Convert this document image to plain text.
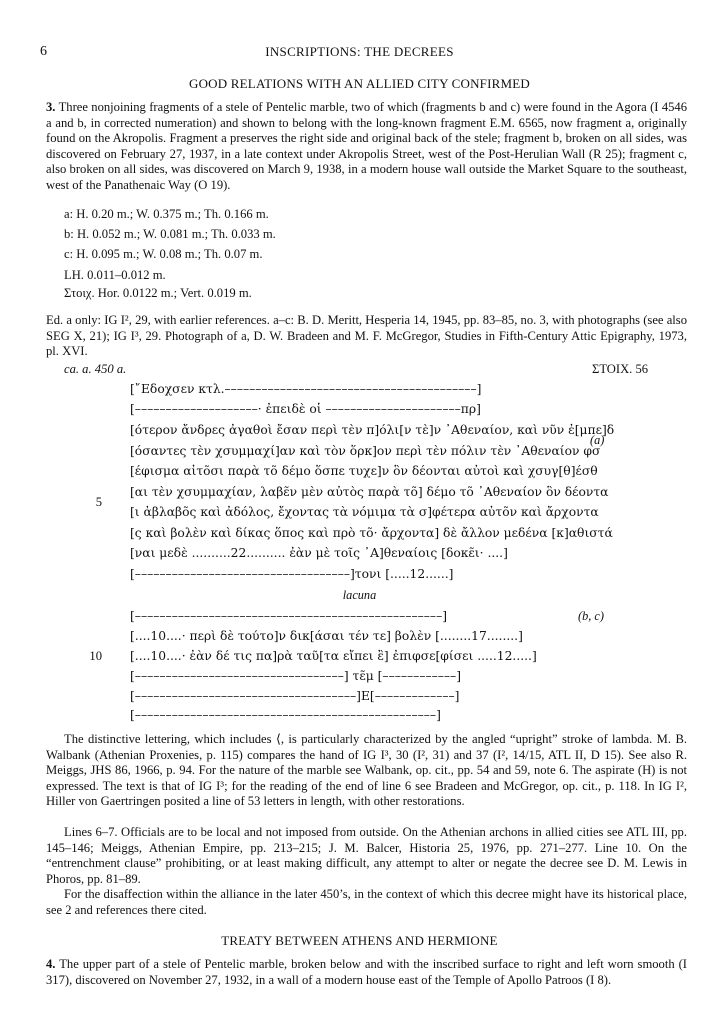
6	INSCRIPTIONS: THE DECREES
GOOD RELATIONS WITH AN ALLIED CITY CONFIRMED
3. Three nonjoining fragments of a stele of Pentelic marble, two of which (fragments b and c) were found in the Agora (I 4546 a and b, in corrected numeration) and shown to belong with the long-known fragment E.M. 6565, now fragment a, originally found on the Akropolis. Fragment a preserves the right side and original back of the stele; fragment b, broken on all sides, was discovered on February 27, 1937, in a late context under Akropolis Street, west of the Post-Herulian Wall (R 25); fragment c, also broken on all sides, was discovered on March 9, 1938, in a modern house wall outside the Market Square to the southeast, west of the Panathenaic Way (O 19).
a: H. 0.20 m.; W. 0.375 m.; Th. 0.166 m.
b: H. 0.052 m.; W. 0.081 m.; Th. 0.033 m.
c: H. 0.095 m.; W. 0.08 m.; Th. 0.07 m.
LH. 0.011–0.012 m.
Στοιχ. Hor. 0.0122 m.; Vert. 0.019 m.
Ed. a only: IG I², 29, with earlier references. a–c: B. D. Meritt, Hesperia 14, 1945, pp. 83–85, no. 3, with photographs (see also SEG X, 21); IG I³, 29. Photograph of a, D. W. Bradeen and M. F. McGregor, Studies in Fifth-Century Attic Epigraphy, 1973, pl. XVI.
ca. a. 450 a.	ΣΤΟΙΧ. 56
[῎Εδοχσεν κτλ.–––––––––––––––––––––––––––––––––––––––––]
[––––––––––––––––––––· ἐπειδὲ οἱ ––––––––––––––––––––––πρ]
[ότερον ἄνδρες ἀγαθοὶ ἔσαν περὶ τὲν π]όλι[ν τὲ]ν ᾽Αθεναίον, καὶ νῦν ἐ[μπε]δ
[όσαντες τὲν χσυμμαχί]αν καὶ τὸν ὅρκ]ον περὶ τὲν πόλιν τὲν ᾽Αθεναίον φσ
[έφισμα αἰτõσι παρὰ τõ δέμο ὅσπε τυχε]ν ὃν δέονται αὐτοὶ καὶ χσυγ[θ]έσθ
[αι τὲν χσυμμαχίαν, λαβε̃ν μὲν αὐτὸς παρὰ τõ] δέμο τõ ᾽Αθεναίον ὃν δέοντα
[ι ἀβλαβõς καὶ ἀδόλος, ἔχοντας τὰ νόμιμα τὰ σ]φέτερα αὐτõν καὶ ἄρχοντα
[ς καὶ βολὲν καὶ δίκας ὅπος καὶ πρὸ τõ· ἄρχοντα] δὲ ἄλλον μεδένα [κ]αθιστά
[ναι μεδὲ ..........22.......... ἐὰν μὲ τοῖς ᾽Α]θεναίοις [δοκε̃ι· ....]
[–––––––––––––––––––––––––––––––––––]τονι [.....12......]
(a)
5
lacuna
[––––––––––––––––––––––––––––––––––––––––––––––––––]
[....10....· περὶ δὲ τούτο]ν δικ[άσαι τέν τε] βολὲν [........17........]
[....10....· ἐὰν δέ τις πα]ρὰ ταῦ[τα εἴπει ἒ] ἐπιφσε[φίσει .....12.....]
[––––––––––––––––––––––––––––––––––] τε̃μ [––––––––––––]
[––––––––––––––––––––––––––––––––––––]Ε[–––––––––––––]
[–––––––––––––––––––––––––––––––––––––––––––––––––]
(b, c)
10
The distinctive lettering, which includes ⟨, is particularly characterized by the angled “upright” stroke of lambda. M. B. Walbank (Athenian Proxenies, p. 115) compares the hand of IG I³, 30 (I², 31) and 37 (I², 14/15, ATL II, D 15). See also R. Meiggs, JHS 86, 1966, p. 94. For the nature of the marble see Walbank, op. cit., pp. 54 and 59, note 6. The aspirate (H) is not expressed. The text is that of IG I³; for the reading of the end of line 6 see Bradeen and McGregor, op. cit., p. 118. In IG I², Hiller von Gaertringen posited a line of 53 letters in length, with other restorations.
Lines 6–7. Officials are to be local and not imposed from outside. On the Athenian archons in allied cities see ATL III, pp. 145–146; Meiggs, Athenian Empire, pp. 213–215; J. M. Balcer, Historia 25, 1976, pp. 271–277. Line 10. On the “entrenchment clause” prohibiting, or at least making difficult, any attempt to alter or negate the decree see D. M. Lewis in Phoros, pp. 81–89.
For the disaffection within the alliance in the later 450’s, in the context of which this decree might have its historical place, see 2 and references there cited.
TREATY BETWEEN ATHENS AND HERMIONE
4. The upper part of a stele of Pentelic marble, broken below and with the inscribed surface to right and left worn smooth (I 317), discovered on November 27, 1932, in a wall of a modern house east of the Temple of Apollo Patroos (I 8).
